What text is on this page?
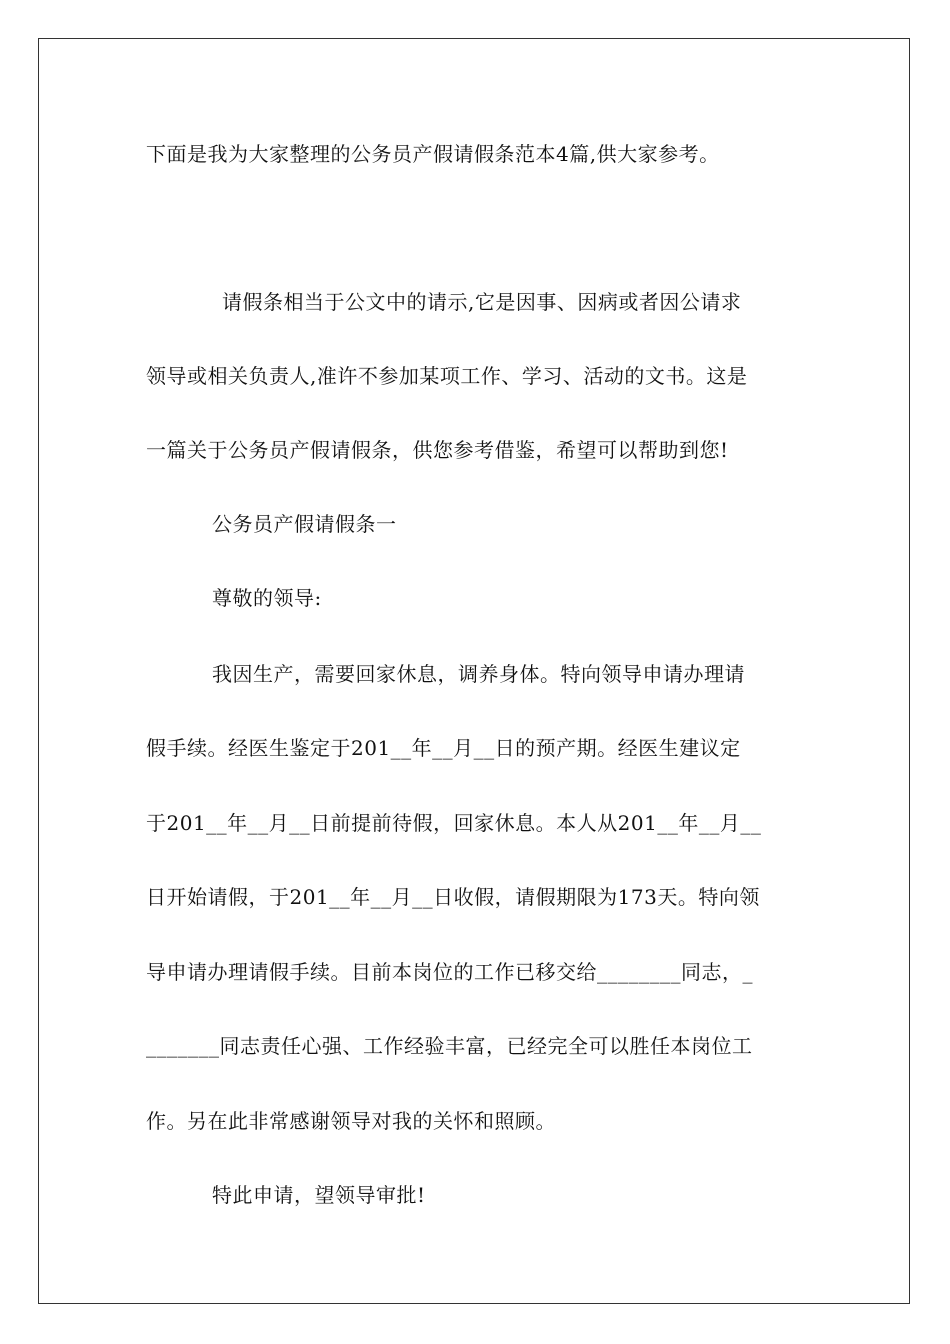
下面是我为大家整理的公务员产假请假条范本4篇,供大家参考。
请假条相当于公文中的请示,它是因事、因病或者因公请求
领导或相关负责人,准许不参加某项工作、学习、活动的文书。这是
一篇关于公务员产假请假条，供您参考借鉴，希望可以帮助到您!
公务员产假请假条一
尊敬的领导:
我因生产，需要回家休息，调养身体。特向领导申请办理请
假手续。经医生鉴定于201__年__月__日的预产期。经医生建议定
于201__年__月__日前提前待假，回家休息。本人从201__年__月__
日开始请假，于201__年__月__日收假，请假期限为173天。特向领
导申请办理请假手续。目前本岗位的工作已移交给________同志，_
_______同志责任心强、工作经验丰富，已经完全可以胜任本岗位工
作。另在此非常感谢领导对我的关怀和照顾。
特此申请，望领导审批!
